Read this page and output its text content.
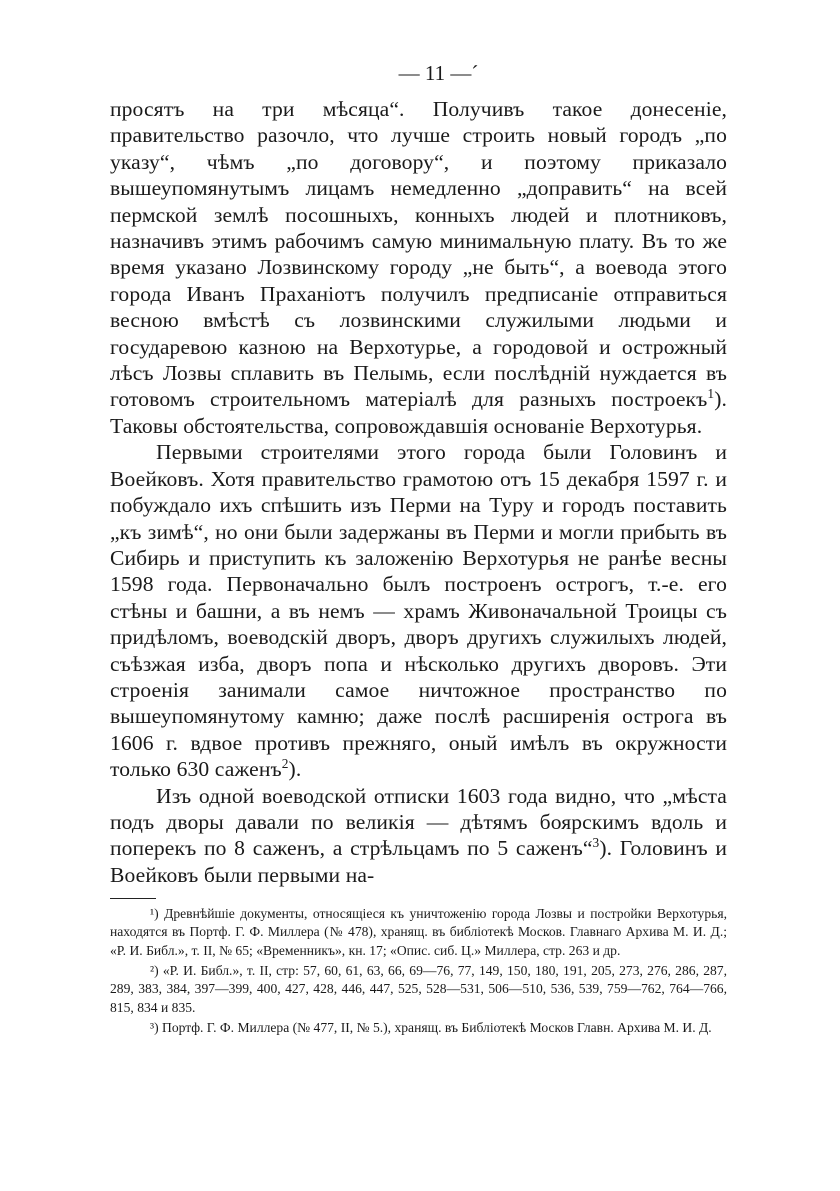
— 11 —´

просятъ на три мѣсяца“. Получивъ такое донесеніе, правительство разочло, что лучше строить новый городъ „по указу“, чѣмъ „по договору“, и поэтому приказало вышеупомянутымъ лицамъ немедленно „доправить“ на всей пермской землѣ посошныхъ, конныхъ людей и плотниковъ, назначивъ этимъ рабочимъ самую минимальную плату. Въ то же время указано Лозвинскому городу „не быть“, а воевода этого города Иванъ Праханіотъ получилъ предписаніе отправиться весною вмѣстѣ съ лозвинскими служилыми людьми и государевою казною на Верхотурье, а городовой и острожный лѣсъ Лозвы сплавить въ Пелымь, если послѣдній нуждается въ готовомъ строительномъ матеріалѣ для разныхъ построекъ$^1$). Таковы обстоятельства, сопровождавшія основаніе Верхотурья.

Первыми строителями этого города были Головинъ и Воейковъ. Хотя правительство грамотою отъ 15 декабря 1597 г. и побуждало ихъ спѣшить изъ Перми на Туру и городъ поставить „къ зимѣ“, но они были задержаны въ Перми и могли прибыть въ Сибирь и приступить къ заложенію Верхотурья не ранѣе весны 1598 года. Первоначально былъ построенъ острогъ, т.-е. его стѣны и башни, а въ немъ — храмъ Живоначальной Троицы съ придѣломъ, воеводскій дворъ, дворъ другихъ служилыхъ людей, съѣзжая изба, дворъ попа и нѣсколько другихъ дворовъ. Эти строенія занимали самое ничтожное пространство по вышеупомянутому камню; даже послѣ расширенія острога въ 1606 г. вдвое противъ прежняго, оный имѣлъ въ окружности только 630 саженъ$^2$).

Изъ одной воеводской отписки 1603 года видно, что „мѣста подъ дворы давали по великія — дѣтямъ боярскимъ вдоль и поперекъ по 8 саженъ, а стрѣльцамъ по 5 саженъ“$^3$). Головинъ и Воейковъ были первыми на-

¹) Древнѣйшіе документы, относящіеся къ уничтоженію города Лозвы и постройки Верхотурья, находятся въ Портф. Г. Ф. Миллера (№ 478), хранящ. въ библіотекѣ Москов. Главнаго Архива М. И. Д.; «Р. И. Библ.», т. II, № 65; «Временникъ», кн. 17; «Опис. сиб. Ц.» Миллера, стр. 263 и др.

²) «Р. И. Библ.», т. II, стр: 57, 60, 61, 63, 66, 69—76, 77, 149, 150, 180, 191, 205, 273, 276, 286, 287, 289, 383, 384, 397—399, 400, 427, 428, 446, 447, 525, 528—531, 506—510, 536, 539, 759—762, 764—766, 815, 834 и 835.

³) Портф. Г. Ф. Миллера (№ 477, II, № 5.), хранящ. въ Библіотекѣ Москов Главн. Архива М. И. Д.
